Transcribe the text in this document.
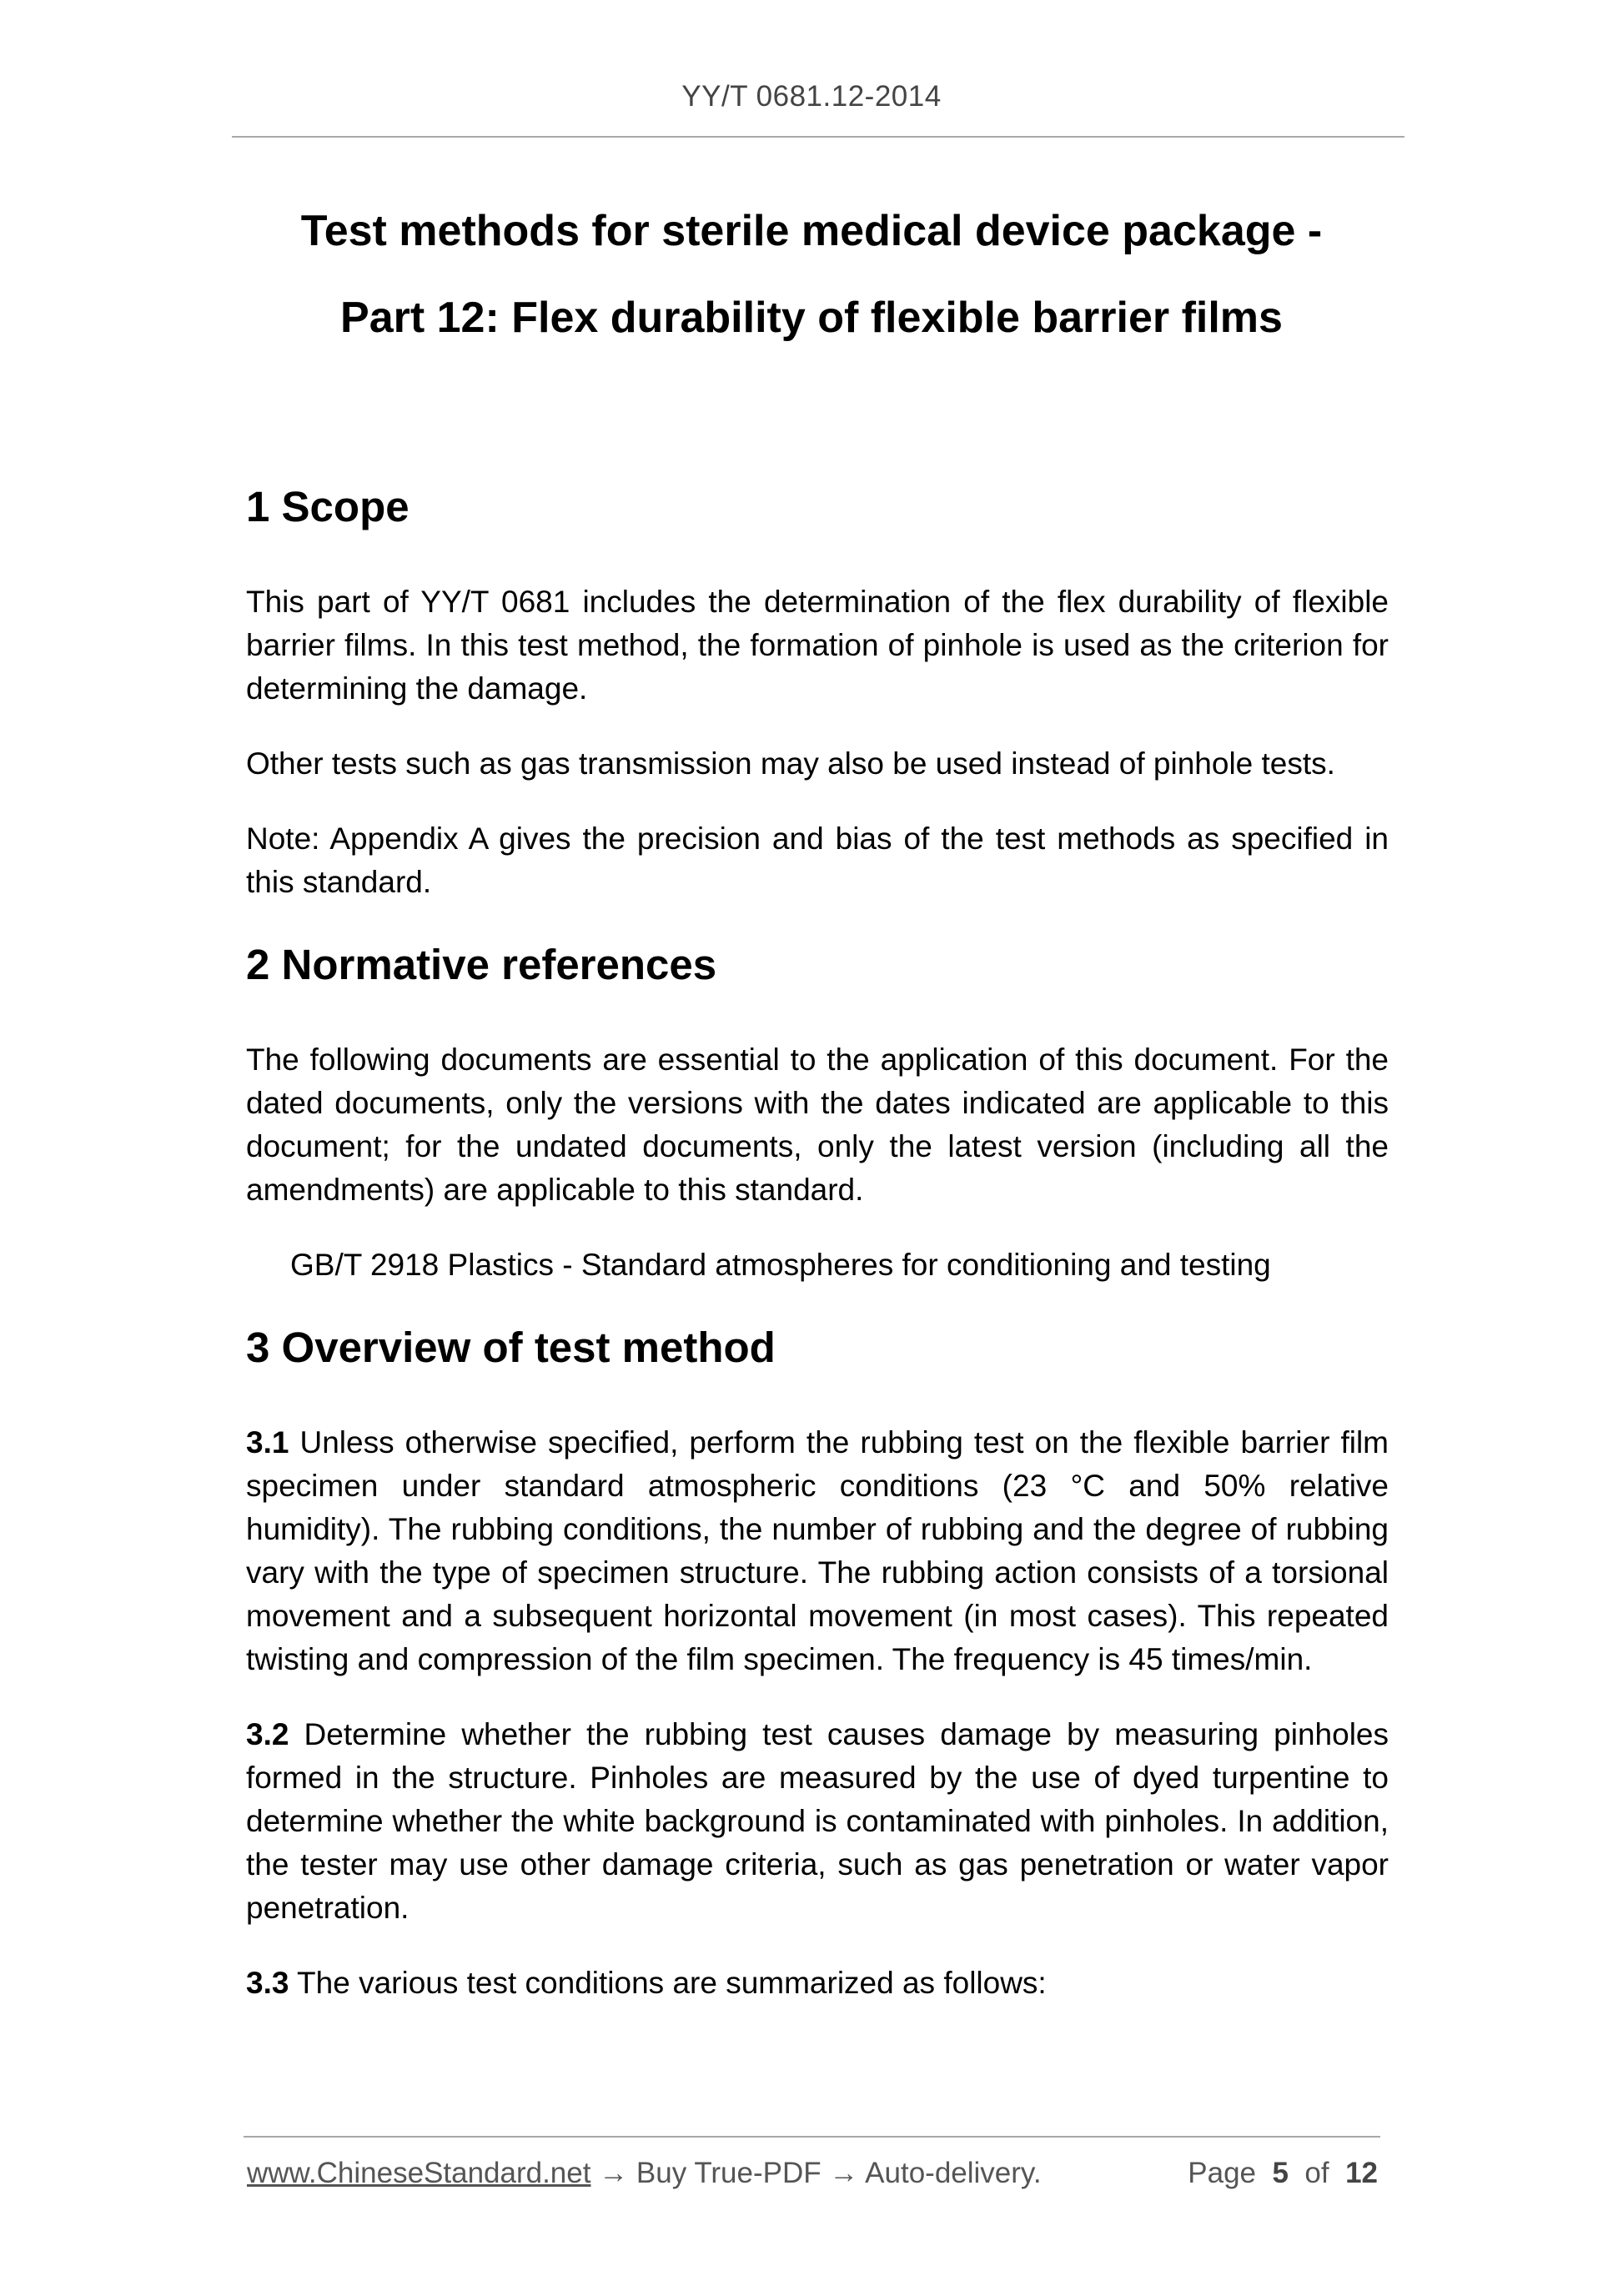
YY/T 0681.12-2014
Test methods for sterile medical device package -
Part 12: Flex durability of flexible barrier films
1 Scope

This part of YY/T 0681 includes the determination of the flex durability of flexible barrier films. In this test method, the formation of pinhole is used as the criterion for determining the damage.

Other tests such as gas transmission may also be used instead of pinhole tests.

Note: Appendix A gives the precision and bias of the test methods as specified in this standard.

2 Normative references

The following documents are essential to the application of this document. For the dated documents, only the versions with the dates indicated are applicable to this document; for the undated documents, only the latest version (including all the amendments) are applicable to this standard.

GB/T 2918 Plastics - Standard atmospheres for conditioning and testing

3 Overview of test method

3.1 Unless otherwise specified, perform the rubbing test on the flexible barrier film specimen under standard atmospheric conditions (23 °C and 50% relative humidity). The rubbing conditions, the number of rubbing and the degree of rubbing vary with the type of specimen structure. The rubbing action consists of a torsional movement and a subsequent horizontal movement (in most cases). This repeated twisting and compression of the film specimen. The frequency is 45 times/min.

3.2 Determine whether the rubbing test causes damage by measuring pinholes formed in the structure. Pinholes are measured by the use of dyed turpentine to determine whether the white background is contaminated with pinholes. In addition, the tester may use other damage criteria, such as gas penetration or water vapor penetration.

3.3 The various test conditions are summarized as follows:

www.ChineseStandard.net → Buy True-PDF → Auto-delivery.	Page 5 of 12
